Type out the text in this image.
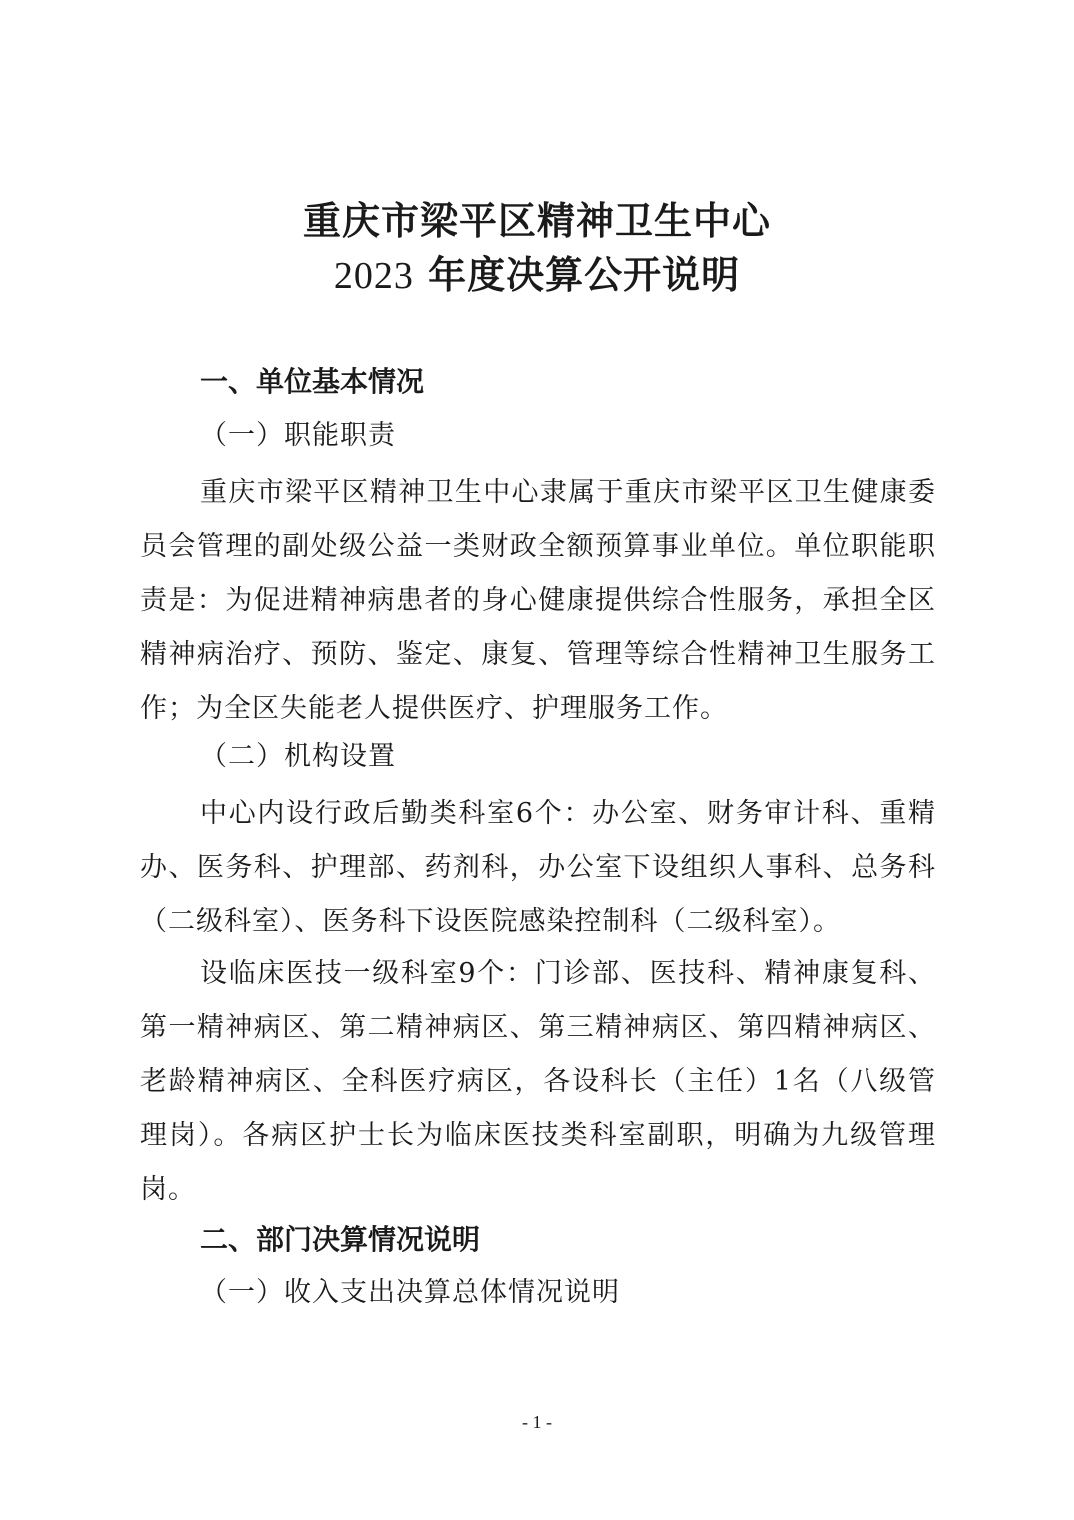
重庆市梁平区精神卫生中心
2023 年度决算公开说明
一、单位基本情况
（一）职能职责
重庆市梁平区精神卫生中心隶属于重庆市梁平区卫生健康委员会管理的副处级公益一类财政全额预算事业单位。单位职能职责是：为促进精神病患者的身心健康提供综合性服务，承担全区精神病治疗、预防、鉴定、康复、管理等综合性精神卫生服务工作；为全区失能老人提供医疗、护理服务工作。
（二）机构设置
中心内设行政后勤类科室6个：办公室、财务审计科、重精办、医务科、护理部、药剂科，办公室下设组织人事科、总务科（二级科室）、医务科下设医院感染控制科（二级科室）。
设临床医技一级科室9个：门诊部、医技科、精神康复科、第一精神病区、第二精神病区、第三精神病区、第四精神病区、老龄精神病区、全科医疗病区，各设科长（主任）1名（八级管理岗）。各病区护士长为临床医技类科室副职，明确为九级管理岗。
二、部门决算情况说明
（一）收入支出决算总体情况说明
- 1 -
